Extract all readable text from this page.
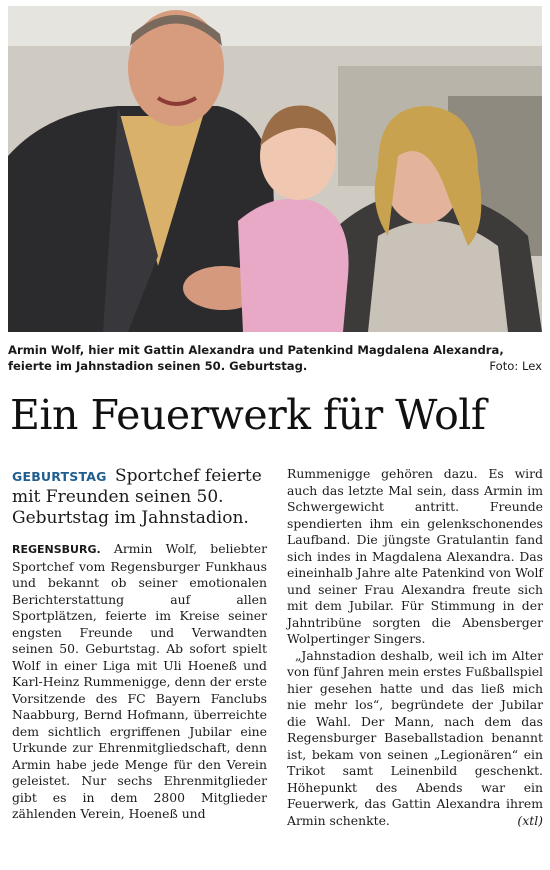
Armin Wolf, hier mit Gattin Alexandra und Patenkind Magdalena Alexandra, feierte im Jahnstadion seinen 50. Geburtstag.	Foto: Lex
Ein Feuerwerk für Wolf
GEBURTSTAG Sportchef feierte mit Freunden seinen 50. Geburtstag im Jahnstadion.

REGENSBURG. Armin Wolf, beliebter Sportchef vom Regensburger Funkhaus und bekannt ob seiner emotionalen Berichterstattung auf allen Sportplätzen, feierte im Kreise seiner engsten Freunde und Verwandten seinen 50. Geburtstag. Ab sofort spielt Wolf in einer Liga mit Uli Hoeneß und Karl-Heinz Rummenigge, denn der erste Vorsitzende des FC Bayern Fanclubs Naabburg, Bernd Hofmann, überreichte dem sichtlich ergriffenen Jubilar eine Urkunde zur Ehrenmitgliedschaft, denn Armin habe jede Menge für den Verein geleistet. Nur sechs Ehrenmitglieder gibt es in dem 2800 Mitglieder zählenden Verein, Hoeneß und

Rummenigge gehören dazu. Es wird auch das letzte Mal sein, dass Armin im Schwergewicht antritt. Freunde spendierten ihm ein gelenkschonendes Laufband. Die jüngste Gratulantin fand sich indes in Magdalena Alexandra. Das eineinhalb Jahre alte Patenkind von Wolf und seiner Frau Alexandra freute sich mit dem Jubilar. Für Stimmung in der Jahntribüne sorgten die Abensberger Wolpertinger Singers.

„Jahnstadion deshalb, weil ich im Alter von fünf Jahren mein erstes Fußballspiel hier gesehen hatte und das ließ mich nie mehr los“, begründete der Jubilar die Wahl. Der Mann, nach dem das Regensburger Baseballstadion benannt ist, bekam von seinen „Legionären“ ein Trikot samt Leinenbild geschenkt. Höhepunkt des Abends war ein Feuerwerk, das Gattin Alexandra ihrem Armin schenkte.	(xtl)
